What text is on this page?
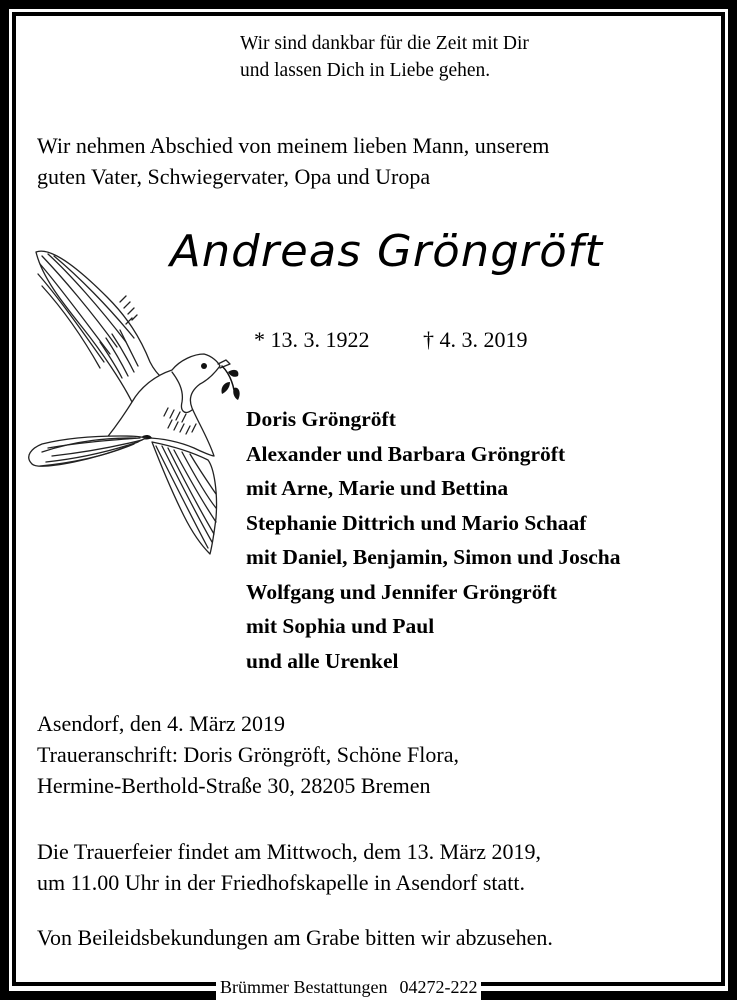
Wir sind dankbar für die Zeit mit Dir
und lassen Dich in Liebe gehen.
Wir nehmen Abschied von meinem lieben Mann, unserem
guten Vater, Schwiegervater, Opa und Uropa
Andreas Gröngröft
* 13. 3. 1922 † 4. 3. 2019
Doris Gröngröft
Alexander und Barbara Gröngröft
mit Arne, Marie und Bettina
Stephanie Dittrich und Mario Schaaf
mit Daniel, Benjamin, Simon und Joscha
Wolfgang und Jennifer Gröngröft
mit Sophia und Paul
und alle Urenkel
Asendorf, den 4. März 2019
Traueranschrift: Doris Gröngröft, Schöne Flora,
Hermine-Berthold-Straße 30, 28205 Bremen
Die Trauerfeier findet am Mittwoch, dem 13. März 2019,
um 11.00 Uhr in der Friedhofskapelle in Asendorf statt.
Von Beileidsbekundungen am Grabe bitten wir abzusehen.
Brümmer Bestattungen 04272-222
